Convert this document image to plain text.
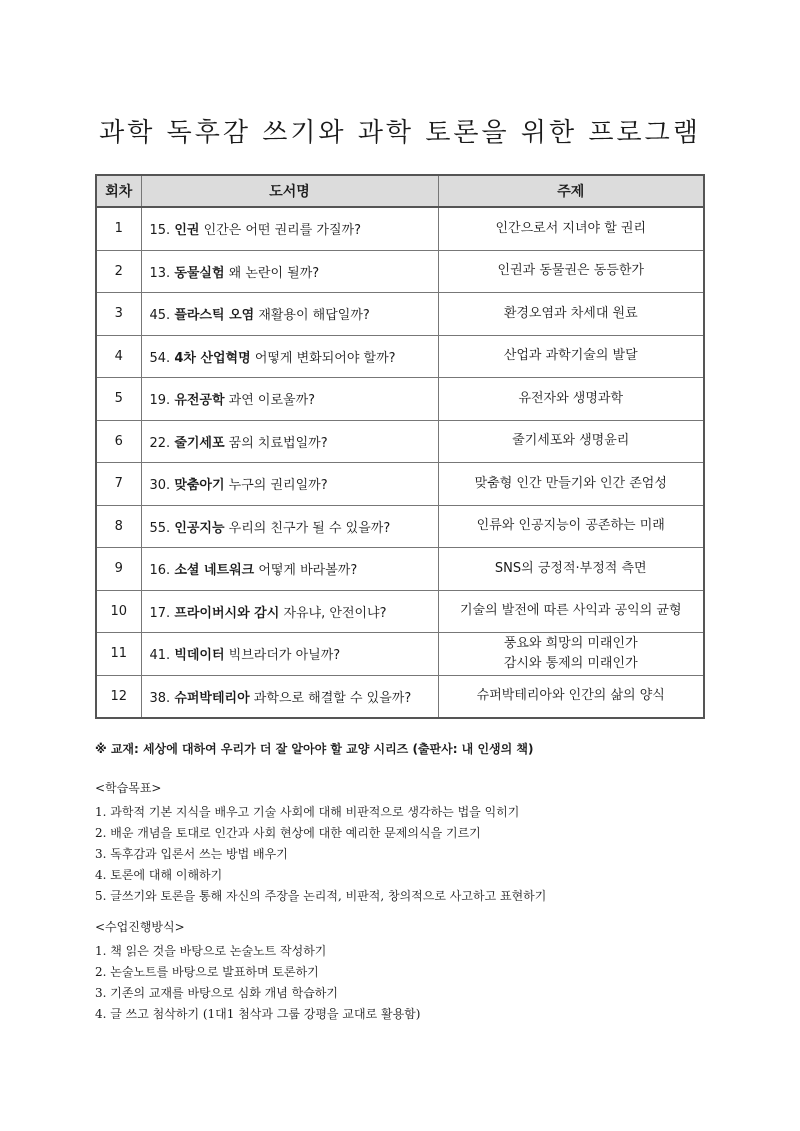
과학 독후감 쓰기와 과학 토론을 위한 프로그램
회차	도서명	주제
1	15. 인권 인간은 어떤 권리를 가질까?	인간으로서 지녀야 할 권리

2	13. 동물실험 왜 논란이 될까?	인권과 동물권은 동등한가

3	45. 플라스틱 오염 재활용이 해답일까?	환경오염과 차세대 원료

4	54. 4차 산업혁명 어떻게 변화되어야 할까?	산업과 과학기술의 발달

5	19. 유전공학 과연 이로울까?	유전자와 생명과학

6	22. 줄기세포 꿈의 치료법일까?	줄기세포와 생명윤리

7	30. 맞춤아기 누구의 권리일까?	맞춤형 인간 만들기와 인간 존엄성

8	55. 인공지능 우리의 친구가 될 수 있을까?	인류와 인공지능이 공존하는 미래

9	16. 소셜 네트워크 어떻게 바라볼까?	SNS의 긍정적·부정적 측면

10	17. 프라이버시와 감시 자유냐, 안전이냐?	기술의 발전에 따른 사익과 공익의 균형

11	41. 빅데이터 빅브라더가 아닐까?	풍요와 희망의 미래인가
감시와 통제의 미래인가

12	38. 슈퍼박테리아 과학으로 해결할 수 있을까?	슈퍼박테리아와 인간의 삶의 양식
※ 교재: 세상에 대하여 우리가 더 잘 알아야 할 교양 시리즈 (출판사: 내 인생의 책)
<학습목표>
1. 과학적 기본 지식을 배우고 기술 사회에 대해 비판적으로 생각하는 법을 익히기
2. 배운 개념을 토대로 인간과 사회 현상에 대한 예리한 문제의식을 기르기
3. 독후감과 입론서 쓰는 방법 배우기
4. 토론에 대해 이해하기
5. 글쓰기와 토론을 통해 자신의 주장을 논리적, 비판적, 창의적으로 사고하고 표현하기
<수업진행방식>
1. 책 읽은 것을 바탕으로 논술노트 작성하기
2. 논술노트를 바탕으로 발표하며 토론하기
3. 기존의 교재를 바탕으로 심화 개념 학습하기
4. 글 쓰고 첨삭하기 (1대1 첨삭과 그룹 강평을 교대로 활용함)
